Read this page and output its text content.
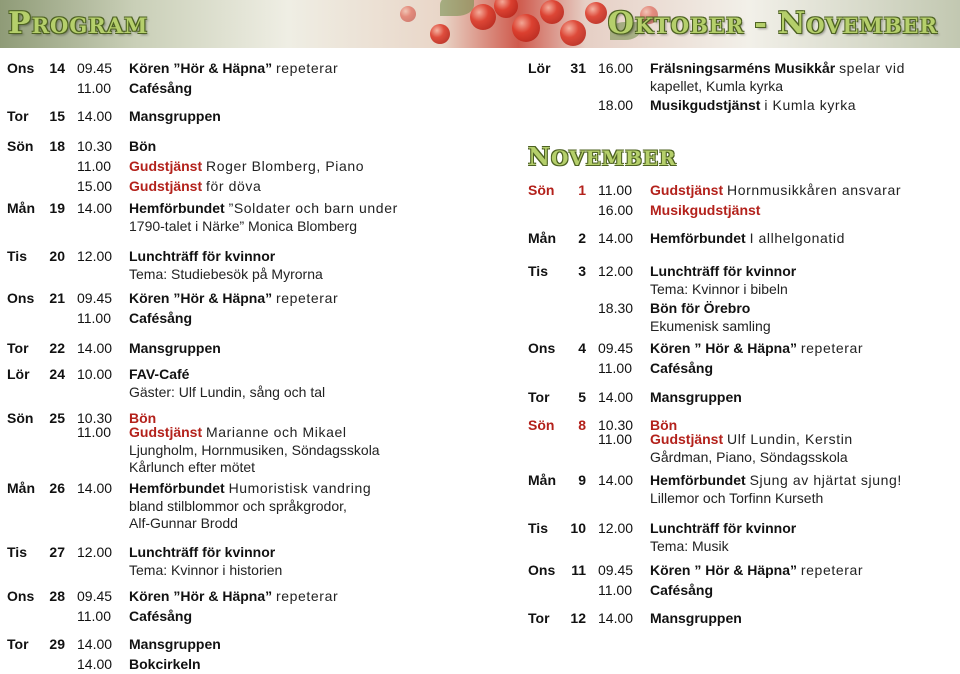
PROGRAM	OKTOBER - NOVEMBER
Ons	14 09.45	Kören ”Hör & Häpna” repeterar
11.00	Cafésång
Tor	15 14.00	Mansgruppen
Sön	18 10.30	Bön
11.00	Gudstjänst Roger Blomberg, Piano
15.00	Gudstjänst för döva
Mån	19 14.00	Hemförbundet ”Soldater och barn under
1790-talet i Närke” Monica Blomberg
Tis	20 12.00	Lunchträff för kvinnor
Tema: Studiebesök på Myrorna
Ons	21 09.45	Kören ”Hör & Häpna” repeterar
11.00	Cafésång
Tor	22 14.00	Mansgruppen
Lör	24 10.00	FAV-Café
Gäster: Ulf Lundin, sång och tal
Sön	25 10.30	Bön
11.00	Gudstjänst Marianne och Mikael
Ljungholm, Hornmusiken, Söndagsskola
Kårlunch efter mötet
Mån	26 14.00	Hemförbundet Humoristisk vandring
bland stilblommor och språkgrodor,
Alf-Gunnar Brodd
Tis	27 12.00	Lunchträff för kvinnor
Tema: Kvinnor i historien
Ons	28 09.45	Kören ”Hör & Häpna” repeterar
11.00	Cafésång
Tor	29 14.00	Mansgruppen
14.00	Bokcirkeln
Lör	31 16.00	Frälsningsarméns Musikkår spelar vid
kapellet, Kumla kyrka
18.00	Musikgudstjänst i Kumla kyrka
Sön	1 11.00	Gudstjänst Hornmusikkåren ansvarar
16.00	Musikgudstjänst
Mån	2 14.00	Hemförbundet I allhelgonatid
Tis	3 12.00	Lunchträff för kvinnor
Tema: Kvinnor i bibeln
18.30	Bön för Örebro
Ekumenisk samling
Ons	4 09.45	Kören ” Hör & Häpna” repeterar
11.00	Cafésång
Tor	5 14.00	Mansgruppen
Sön	8 10.30	Bön
11.00	Gudstjänst Ulf Lundin, Kerstin
Gårdman, Piano, Söndagsskola
Mån	9 14.00	Hemförbundet Sjung av hjärtat sjung!
Lillemor och Torfinn Kurseth
Tis	10 12.00	Lunchträff för kvinnor
Tema: Musik
Ons	11 09.45	Kören ” Hör & Häpna” repeterar
11.00	Cafésång
Tor	12 14.00	Mansgruppen
NOVEMBER
